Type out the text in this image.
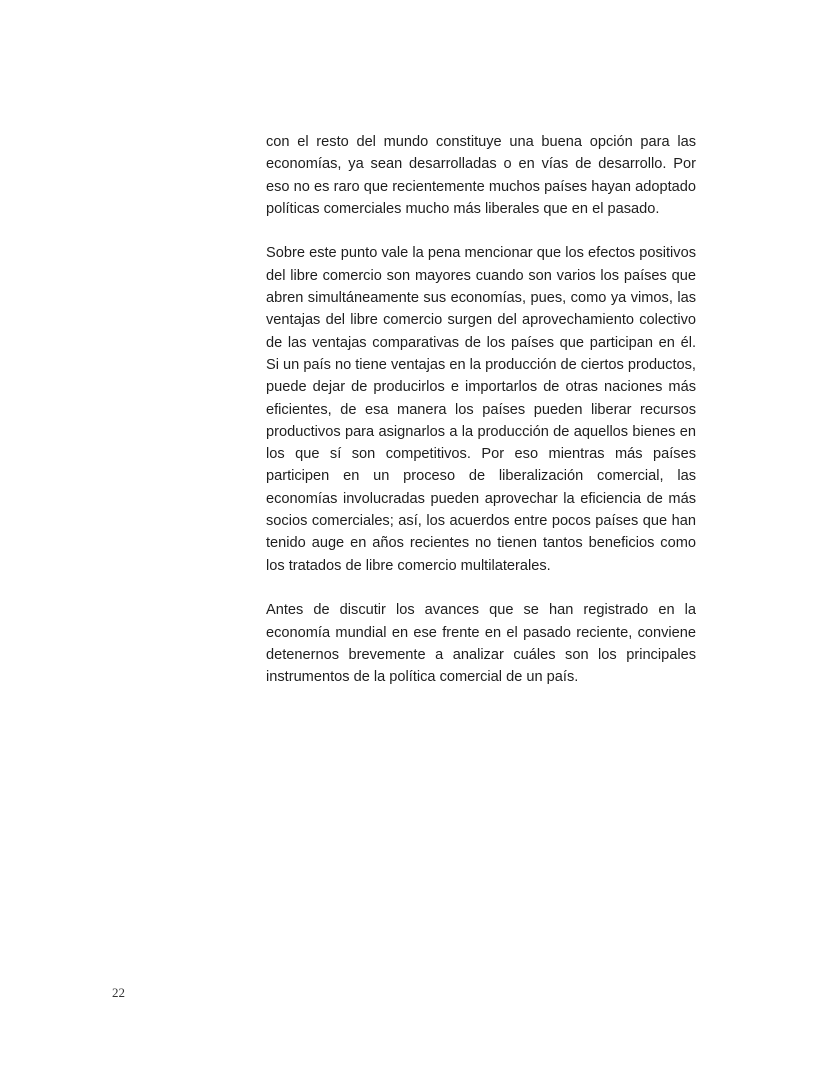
con el resto del mundo constituye una buena opción para las economías, ya sean desarrolladas o en vías de desarrollo. Por eso no es raro que recientemente muchos países hayan adoptado políticas comerciales mucho más liberales que en el pasado.

Sobre este punto vale la pena mencionar que los efectos positivos del libre comercio son mayores cuando son varios los países que abren simultáneamente sus economías, pues, como ya vimos, las ventajas del libre comercio surgen del aprovechamiento colectivo de las ventajas comparativas de los países que participan en él. Si un país no tiene ventajas en la producción de ciertos productos, puede dejar de producirlos e importarlos de otras naciones más eficientes, de esa manera los países pueden liberar recursos productivos para asignarlos a la producción de aquellos bienes en los que sí son competitivos. Por eso mientras más países participen en un proceso de liberalización comercial, las economías involucradas pueden aprovechar la eficiencia de más socios comerciales; así, los acuerdos entre pocos países que han tenido auge en años recientes no tienen tantos beneficios como los tratados de libre comercio multilaterales.

Antes de discutir los avances que se han registrado en la economía mundial en ese frente en el pasado reciente, conviene detenernos brevemente a analizar cuáles son los principales instrumentos de la política comercial de un país.

22
